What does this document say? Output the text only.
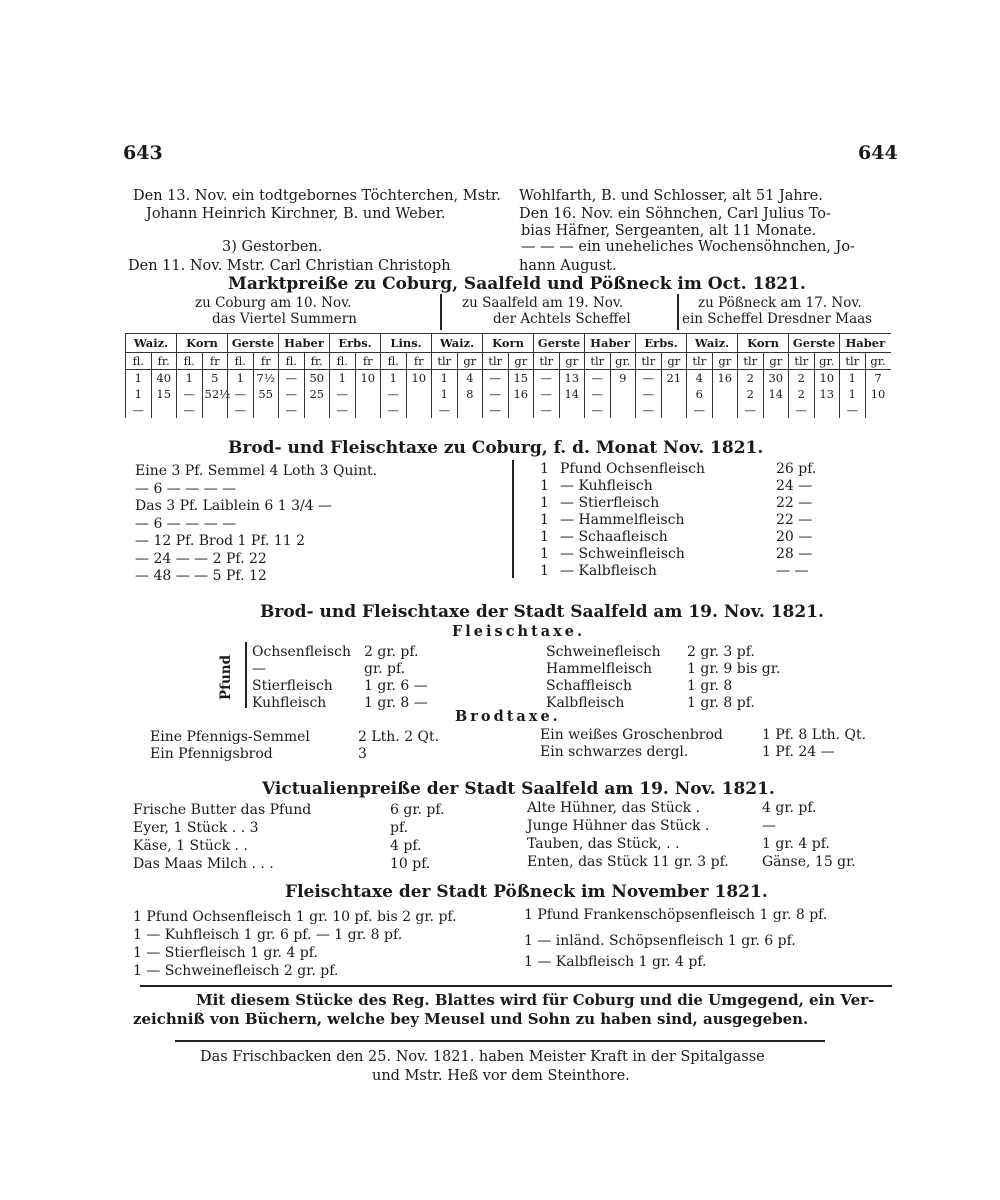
643	644
Den 13. Nov. ein todtgebornes Töchterchen, Mstr.
Johann Heinrich Kirchner, B. und Weber.
3) Gestorben.
Den 11. Nov. Mstr. Carl Christian Christoph
Wohlfarth, B. und Schlosser, alt 51 Jahre.
Den 16. Nov. ein Söhnchen, Carl Julius To-
bias Häfner, Sergeanten, alt 11 Monate.
— — — ein uneheliches Wochensöhnchen, Jo-
hann August.
Marktpreiße zu Coburg, Saalfeld und Pößneck im Oct. 1821.
zu Coburg am 10. Nov.
das Viertel Summern
zu Saalfeld am 19. Nov.
der Achtels Scheffel
zu Pößneck am 17. Nov.
ein Scheffel Dresdner Maas
Waiz.		Korn		Gerste		Haber		Erbs.		Lins.		Waiz.		Korn		Gerste		Haber		Erbs.		Waiz.		Korn		Gerste		Haber	
fl.	fr.	fl.	fr	fl.	fr	fl.	fr.	fl.	fr	fl.	fr	tlr	gr	tlr	gr	tlr	gr	tlr	gr.	tlr	gr	tlr	gr	tlr	gr	tlr	gr.	tlr	gr.
1	40	1	5	1	7½	—	50	1	10	1	10	1	4	—	15	—	13	—	9	—	21	4	16	2	30	2	10	1	7
1	15	—	52½	—	55	—	25	—		—		1	8	—	16	—	14	—		—		6		2	14	2	13	1	10
—		—		—		—		—		—		—		—		—		—		—		—		—		—		—	
Brod- und Fleischtaxe zu Coburg, f. d. Monat Nov. 1821.
Eine 3 Pf. Semmel 4 Loth 3 Quint.
— 6 — — — —
Das 3 Pf. Laiblein 6 1 3/4 —
— 6 — — — —
— 12 Pf. Brod 1 Pf. 11 2
— 24 — — 2 Pf. 22
— 48 — — 5 Pf. 12
1 Pfund Ochsenfleisch	26 pf.
1 — Kuhfleisch	24 —
1 — Stierfleisch	22 —
1 — Hammelfleisch	22 —
1 — Schaafleisch	20 —
1 — Schweinfleisch	28 —
1 — Kalbfleisch	— —
Brod- und Fleischtaxe der Stadt Saalfeld am 19. Nov. 1821.
Fleischtaxe.
Pfund
Ochsenfleisch 2 gr. pf.
—	gr. pf.
Stierfleisch 1 gr. 6 —
Kuhfleisch	1 gr. 8 —
Schweinefleisch 2 gr. 3 pf.
Hammelfleisch 1 gr. 9 bis gr.
Schaffleisch	1 gr. 8
Kalbfleisch	1 gr. 8 pf.
Brodtaxe.
Eine Pfennigs-Semmel	2 Lth. 2 Qt.
Ein Pfennigsbrod	3
Ein weißes Groschenbrod	1 Pf. 8 Lth. Qt.
Ein schwarzes dergl.	1 Pf. 24 —
Victualienpreiße der Stadt Saalfeld am 19. Nov. 1821.
Frische Butter das Pfund	6 gr. pf.
Eyer, 1 Stück . . 3	pf.
Käse, 1 Stück . .	4 pf.
Das Maas Milch . . .	10 pf.
Alte Hühner, das Stück .	4 gr. pf.
Junge Hühner das Stück .	—
Tauben, das Stück, . .	1 gr. 4 pf.
Enten, das Stück 11 gr. 3 pf. Gänse, 15 gr.
Fleischtaxe der Stadt Pößneck im November 1821.
1 Pfund Ochsenfleisch 1 gr. 10 pf. bis 2 gr. pf.
1 — Kuhfleisch 1 gr. 6 pf. — 1 gr. 8 pf.
1 — Stierfleisch 1 gr. 4 pf.
1 — Schweinefleisch 2 gr. pf.
1 Pfund Frankenschöpsenfleisch 1 gr. 8 pf.
1 — inländ. Schöpsenfleisch 1 gr. 6 pf.
1 — Kalbfleisch 1 gr. 4 pf.
Mit diesem Stücke des Reg. Blattes wird für Coburg und die Umgegend, ein Ver-
zeichniß von Büchern, welche bey Meusel und Sohn zu haben sind, ausgegeben.
Das Frischbacken den 25. Nov. 1821. haben Meister Kraft in der Spitalgasse
und Mstr. Heß vor dem Steinthore.
